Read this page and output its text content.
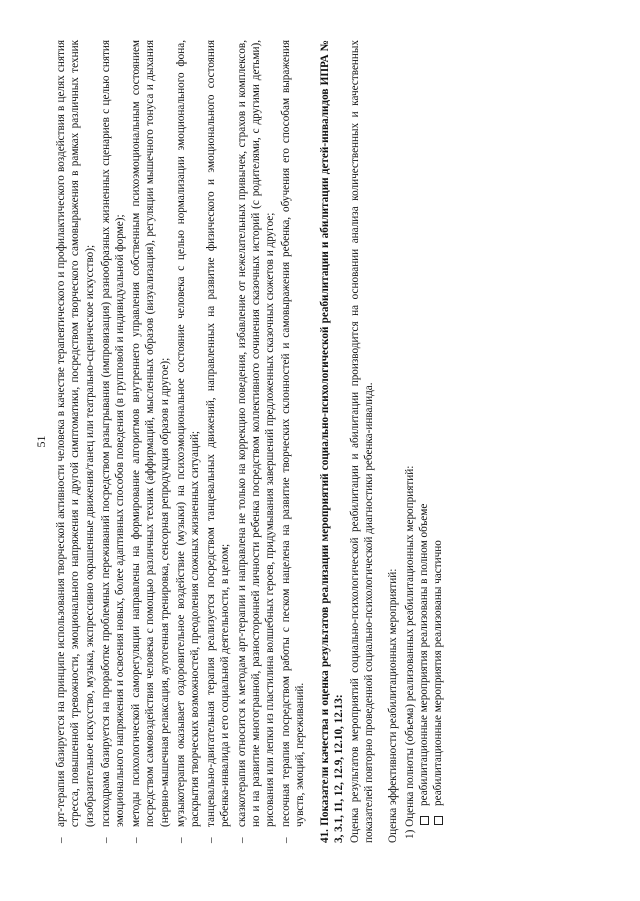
51
–
арт-терапия базируется на принципе использования творческой активности человека в качестве терапевтического и профилактического воздействия в целях снятия стресса, повышенной тревожности, эмоционального напряжения и другой симптоматики, посредством творческого самовыражения в рамках различных техник (изобразительное искусство, музыка, экспрессивно окрашенные движения/танец или театрально-сценическое искусство);
–
психодрама базируется на проработке проблемных переживаний посредством разыгрывания (импровизация) разнообразных жизненных сценариев с целью снятия эмоционального напряжения и освоения новых, более адаптивных способов поведения (в групповой и индивидуальной форме);
–
методы психологической саморегуляции направлены на формирование алгоритмов внутреннего управления собственным психоэмоциональным состоянием посредством самовоздействия человека с помощью различных техник (аффирмаций, мысленных образов (визуализация), регуляции мышечного тонуса и дыхания (нервно-мышечная релаксация, аутогенная тренировка, сенсорная репродукция образов и другое);
–
музыкотерапия оказывает оздоровительное воздействие (музыки) на психоэмоциональное состояние человека с целью нормализации эмоционального фона, раскрытия творческих возможностей, преодоления сложных жизненных ситуаций;
–
танцевально-двигательная терапия реализуется посредством танцевальных движений, направленных на развитие физического и эмоционального состояния ребенка-инвалида и его социальной деятельности, в целом;
–
сказкотерапия относится к методам арт-терапии и направлена не только на коррекцию поведения, избавление от нежелательных привычек, страхов и комплексов, но и на развитие многогранной, разносторонней личности ребенка посредством коллективного сочинения сказочных историй (с родителями, с другими детьми), рисования или лепки из пластилина волшебных героев, придумывания завершений предложенных сказочных сюжетов и другое;
–
песочная терапия посредством работы с песком нацелена на развитие творческих склонностей и самовыражения ребенка, обучения его способам выражения чувств, эмоций, переживаний. 41. Показатели качества и оценка результатов реализации мероприятий социально-психологической реабилитации и абилитации детей-инвалидов ИПРА № 3, 3.1, 11, 12, 12.9, 12.10, 12.13: Оценка результатов мероприятий социально-психологической реабилитации и абилитации производится на основании анализа количественных и качественных показателей повторно проведенной социально-психологической диагностики ребенка-инвалида. Оценка эффективности реабилитационных мероприятий: 1) Оценка полноты (объема) реализованных реабилитационных мероприятий: реабилитационные мероприятия реализованы в полном объеме реабилитационные мероприятия реализованы частично
